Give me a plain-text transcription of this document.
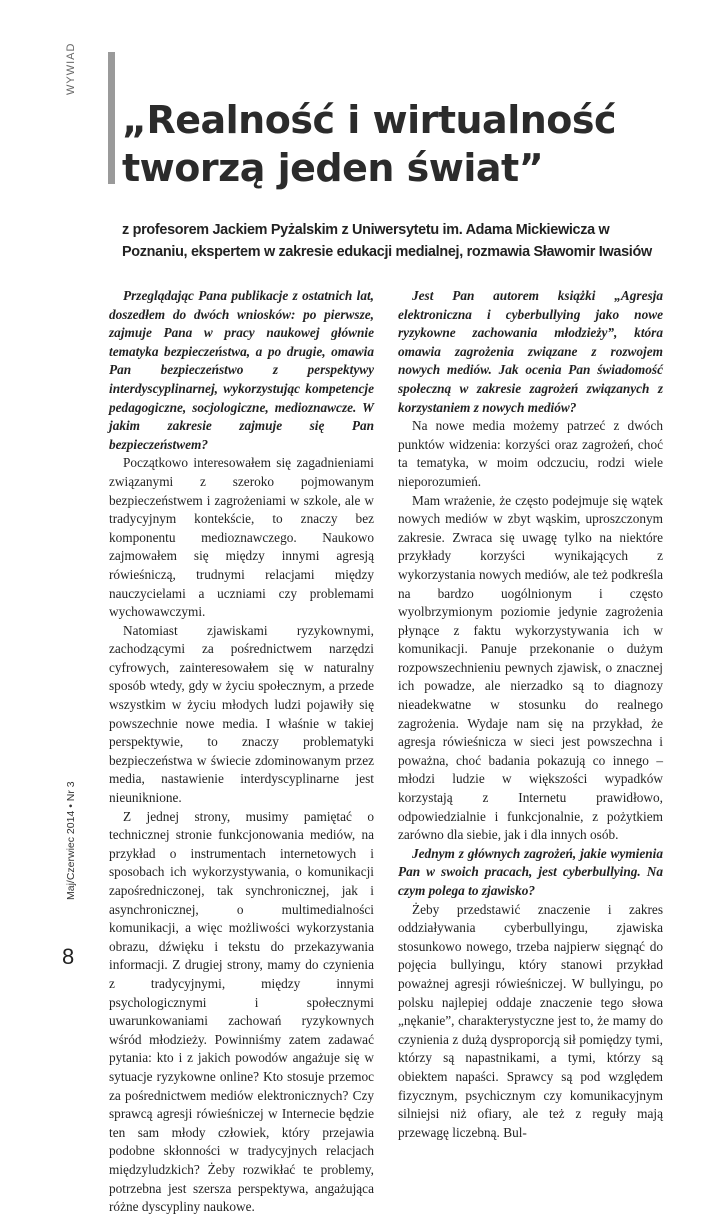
WYWIAD
„Realność i wirtualność tworzą jeden świat”

z profesorem Jackiem Pyżalskim z Uniwersytetu im. Adama Mickiewicza w Poznaniu, ekspertem w zakresie edukacji medialnej, rozmawia Sławomir Iwasiów

Przeglądając Pana publikacje z ostatnich lat, doszedłem do dwóch wniosków: po pierwsze, zajmuje Pana w pracy naukowej głównie tematyka bezpieczeństwa, a po drugie, omawia Pan bezpieczeństwo z perspektywy interdyscyplinarnej, wykorzystując kompetencje pedagogiczne, socjologiczne, medioznawcze. W jakim zakresie zajmuje się Pan bezpieczeństwem?

Początkowo interesowałem się zagadnieniami związanymi z szeroko pojmowanym bezpieczeństwem i zagrożeniami w szkole, ale w tradycyjnym kontekście, to znaczy bez komponentu medioznawczego. Naukowo zajmowałem się między innymi agresją rówieśniczą, trudnymi relacjami między nauczycielami a uczniami czy problemami wychowawczymi.

Natomiast zjawiskami ryzykownymi, zachodzącymi za pośrednictwem narzędzi cyfrowych, zainteresowałem się w naturalny sposób wtedy, gdy w życiu społecznym, a przede wszystkim w życiu młodych ludzi pojawiły się powszechnie nowe media. I właśnie w takiej perspektywie, to znaczy problematyki bezpieczeństwa w świecie zdominowanym przez media, nastawienie interdyscyplinarne jest nieuniknione.

Z jednej strony, musimy pamiętać o technicznej stronie funkcjonowania mediów, na przykład o instrumentach internetowych i sposobach ich wykorzystywania, o komunikacji zapośredniczonej, tak synchronicznej, jak i asynchronicznej, o multimedialności komunikacji, a więc możliwości wykorzystania obrazu, dźwięku i tekstu do przekazywania informacji. Z drugiej strony, mamy do czynienia z tradycyjnymi, między innymi psychologicznymi i społecznymi uwarunkowaniami zachowań ryzykownych wśród młodzieży. Powinniśmy zatem zadawać pytania: kto i z jakich powodów angażuje się w sytuacje ryzykowne online? Kto stosuje przemoc za pośrednictwem mediów elektronicznych? Czy sprawcą agresji rówieśniczej w Internecie będzie ten sam młody człowiek, który przejawia podobne skłonności w tradycyjnych relacjach międzyludzkich? Żeby rozwikłać te problemy, potrzebna jest szersza perspektywa, angażująca różne dyscypliny naukowe.

Jest Pan autorem książki „Agresja elektroniczna i cyberbullying jako nowe ryzykowne zachowania młodzieży”, która omawia zagrożenia związane z rozwojem nowych mediów. Jak ocenia Pan świadomość społeczną w zakresie zagrożeń związanych z korzystaniem z nowych mediów?

Na nowe media możemy patrzeć z dwóch punktów widzenia: korzyści oraz zagrożeń, choć ta tematyka, w moim odczuciu, rodzi wiele nieporozumień.

Mam wrażenie, że często podejmuje się wątek nowych mediów w zbyt wąskim, uproszczonym zakresie. Zwraca się uwagę tylko na niektóre przykłady korzyści wynikających z wykorzystania nowych mediów, ale też podkreśla na bardzo uogólnionym i często wyolbrzymionym poziomie jedynie zagrożenia płynące z faktu wykorzystywania ich w komunikacji. Panuje przekonanie o dużym rozpowszechnieniu pewnych zjawisk, o znacznej ich powadze, ale nierzadko są to diagnozy nieadekwatne w stosunku do realnego zagrożenia. Wydaje nam się na przykład, że agresja rówieśnicza w sieci jest powszechna i poważna, choć badania pokazują co innego – młodzi ludzie w większości wypadków korzystają z Internetu prawidłowo, odpowiedzialnie i funkcjonalnie, z pożytkiem zarówno dla siebie, jak i dla innych osób.

Jednym z głównych zagrożeń, jakie wymienia Pan w swoich pracach, jest cyberbullying. Na czym polega to zjawisko?

Żeby przedstawić znaczenie i zakres oddziaływania cyberbullyingu, zjawiska stosunkowo nowego, trzeba najpierw sięgnąć do pojęcia bullyingu, który stanowi przykład poważnej agresji rówieśniczej. W bullyingu, po polsku najlepiej oddaje znaczenie tego słowa „nękanie”, charakterystyczne jest to, że mamy do czynienia z dużą dysproporcją sił pomiędzy tymi, którzy są napastnikami, a tymi, którzy są obiektem napaści. Sprawcy są pod względem fizycznym, psychicznym czy komunikacyjnym silniejsi niż ofiary, ale też z reguły mają przewagę liczebną. Bul-

Maj/Czerwiec 2014 • Nr 3
8
